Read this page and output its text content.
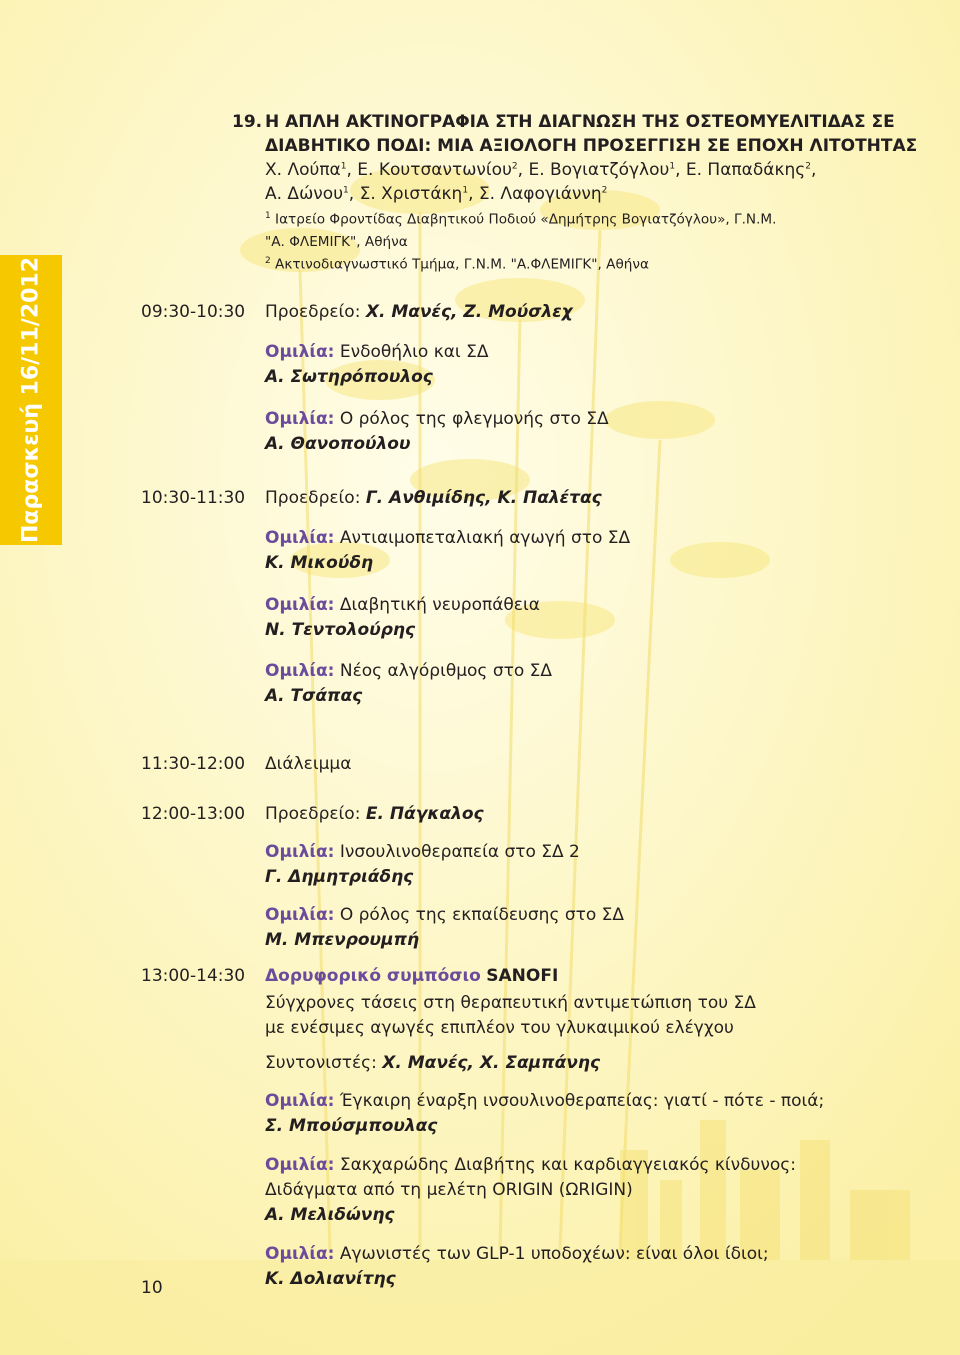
Παρασκευή 16/11/2012
19. Η ΑΠΛΗ ΑΚΤΙΝΟΓΡΑΦΙΑ ΣΤΗ ΔΙΑΓΝΩΣΗ ΤΗΣ ΟΣΤΕΟΜΥΕΛΙΤΙΔΑΣ ΣΕ
ΔΙΑΒΗΤΙΚΟ ΠΟΔΙ: ΜΙΑ ΑΞΙΟΛΟΓΗ ΠΡΟΣΕΓΓΙΣΗ ΣΕ ΕΠΟΧΗ ΛΙΤΟΤΗΤΑΣ
Χ. Λούπα$^1$, Ε. Κουτσαντωνίου$^2$, Ε. Βογιατζόγλου$^1$, Ε. Παπαδάκης$^2$,
Α. Δώνου$^1$, Σ. Χριστάκη$^1$, Σ. Λαφογιάννη$^2$
$^1$ Ιατρείο Φροντίδας Διαβητικού Ποδιού «Δημήτρης Βογιατζόγλου», Γ.Ν.Μ.
"Α. ΦΛΕΜΙΓΚ", Αθήνα
$^2$ Ακτινοδιαγνωστικό Τμήμα, Γ.Ν.Μ. "Α.ΦΛΕΜΙΓΚ", Αθήνα
09:30-10:30 Προεδρείο: Χ. Μανές, Ζ. Μούσλεχ
Ομιλία: Ενδοθήλιο και ΣΔ
Α. Σωτηρόπουλος
Ομιλία: Ο ρόλος της φλεγμονής στο ΣΔ
Α. Θανοπούλου
10:30-11:30 Προεδρείο: Γ. Ανθιμίδης, Κ. Παλέτας
Ομιλία: Αντιαιμοπεταλιακή αγωγή στο ΣΔ
Κ. Μικούδη
Ομιλία: Διαβητική νευροπάθεια
Ν. Τεντολούρης
Ομιλία: Νέος αλγόριθμος στο ΣΔ
Α. Τσάπας
11:30-12:00 Διάλειμμα
12:00-13:00 Προεδρείο: Ε. Πάγκαλος
Ομιλία: Ινσουλινοθεραπεία στο ΣΔ 2
Γ. Δημητριάδης
Ομιλία: Ο ρόλος της εκπαίδευσης στο ΣΔ
Μ. Μπενρουμπή
13:00-14:30 Δορυφορικό συμπόσιο SANOFI
Σύγχρονες τάσεις στη θεραπευτική αντιμετώπιση του ΣΔ
με ενέσιμες αγωγές επιπλέον του γλυκαιμικού ελέγχου
Συντονιστές: Χ. Μανές, Χ. Σαμπάνης
Ομιλία: Έγκαιρη έναρξη ινσουλινοθεραπείας: γιατί - πότε - ποιά;
Σ. Μπούσμπουλας
Ομιλία: Σακχαρώδης Διαβήτης και καρδιαγγειακός κίνδυνος:
Διδάγματα από τη μελέτη ORIGIN (ΩRIGIN)
Α. Μελιδώνης
Ομιλία: Αγωνιστές των GLP-1 υποδοχέων: είναι όλοι ίδιοι;
Κ. Δολιανίτης
10
